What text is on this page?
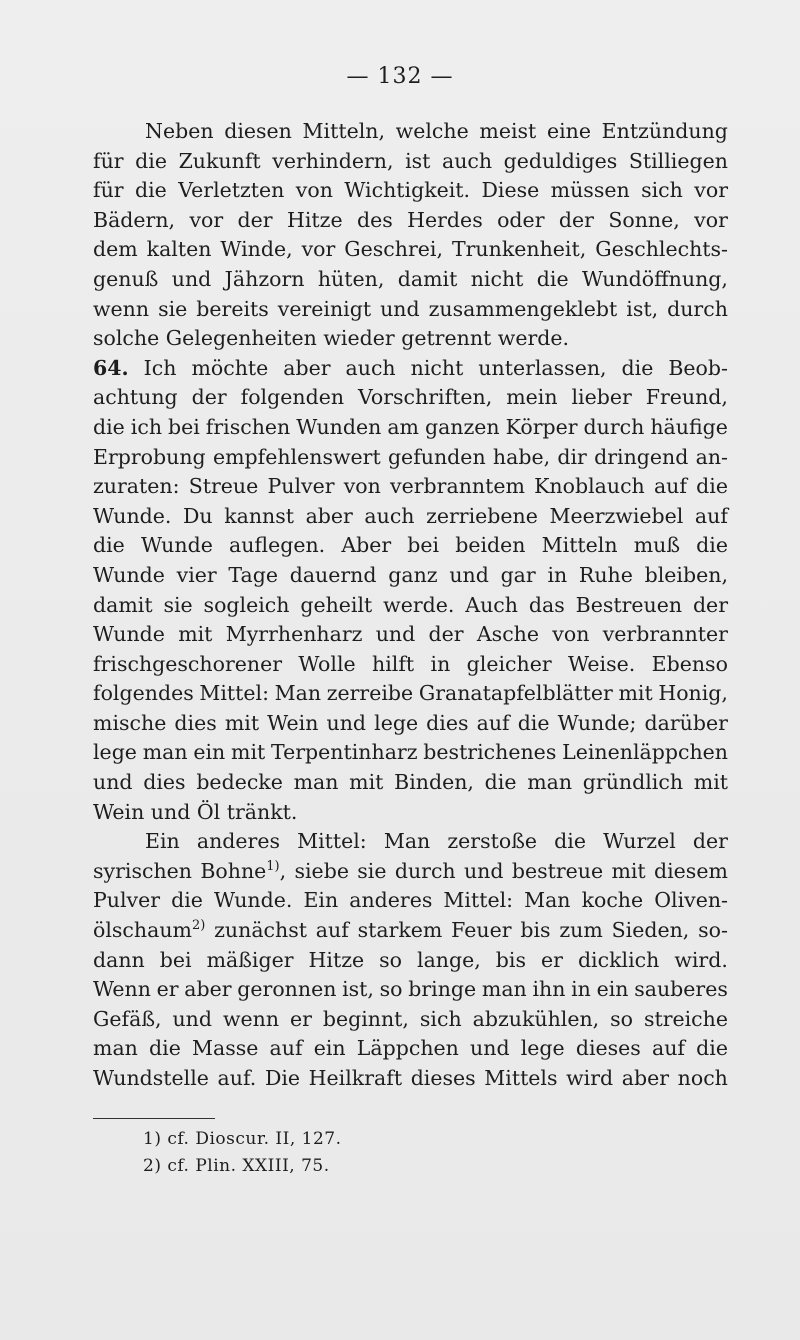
— 132 —
Neben diesen Mitteln, welche meist eine Entzündung
für die Zukunft verhindern, ist auch geduldiges Stilliegen
für die Verletzten von Wichtigkeit. Diese müssen sich vor
Bädern, vor der Hitze des Herdes oder der Sonne, vor
dem kalten Winde, vor Geschrei, Trunkenheit, Geschlechts-
genuß und Jähzorn hüten, damit nicht die Wundöffnung,
wenn sie bereits vereinigt und zusammengeklebt ist, durch
solche Gelegenheiten wieder getrennt werde.
64. Ich möchte aber auch nicht unterlassen, die Beob-
achtung der folgenden Vorschriften, mein lieber Freund,
die ich bei frischen Wunden am ganzen Körper durch häufige
Erprobung empfehlenswert gefunden habe, dir dringend an-
zuraten: Streue Pulver von verbranntem Knoblauch auf die
Wunde. Du kannst aber auch zerriebene Meerzwiebel auf
die Wunde auflegen. Aber bei beiden Mitteln muß die
Wunde vier Tage dauernd ganz und gar in Ruhe bleiben,
damit sie sogleich geheilt werde. Auch das Bestreuen der
Wunde mit Myrrhenharz und der Asche von verbrannter
frischgeschorener Wolle hilft in gleicher Weise. Ebenso
folgendes Mittel: Man zerreibe Granatapfelblätter mit Honig,
mische dies mit Wein und lege dies auf die Wunde; darüber
lege man ein mit Terpentinharz bestrichenes Leinenläppchen
und dies bedecke man mit Binden, die man gründlich mit
Wein und Öl tränkt.
Ein anderes Mittel: Man zerstoße die Wurzel der
syrischen Bohne$^{1)}$, siebe sie durch und bestreue mit diesem
Pulver die Wunde. Ein anderes Mittel: Man koche Oliven-
ölschaum$^{2)}$ zunächst auf starkem Feuer bis zum Sieden, so-
dann bei mäßiger Hitze so lange, bis er dicklich wird.
Wenn er aber geronnen ist, so bringe man ihn in ein sauberes
Gefäß, und wenn er beginnt, sich abzukühlen, so streiche
man die Masse auf ein Läppchen und lege dieses auf die
Wundstelle auf. Die Heilkraft dieses Mittels wird aber noch
1) cf. Dioscur. II, 127.
2) cf. Plin. XXIII, 75.
